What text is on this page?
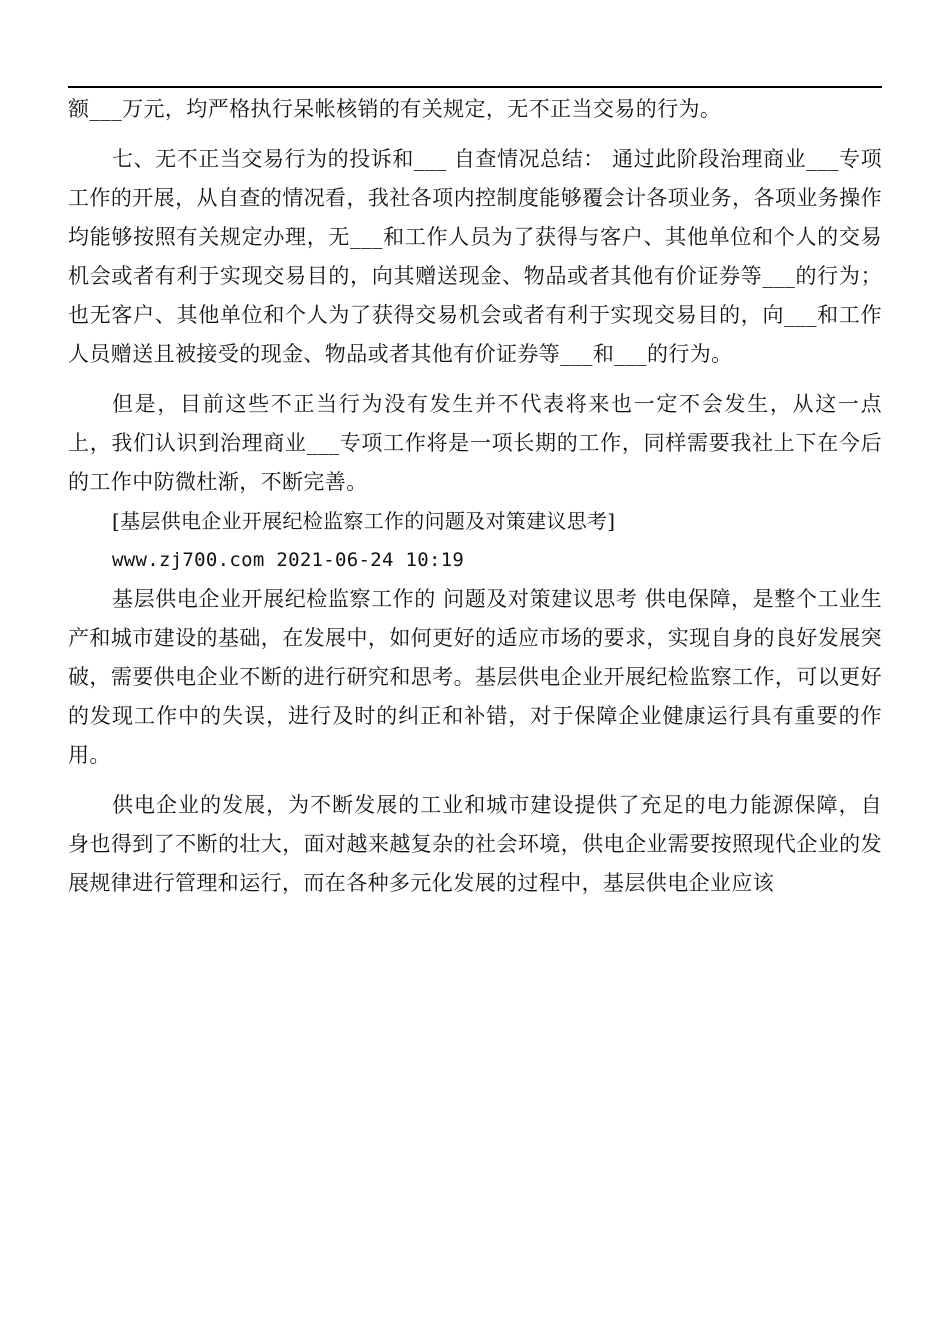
额___万元，均严格执行呆帐核销的有关规定，无不正当交易的行为。

七、无不正当交易行为的投诉和___ 自查情况总结： 通过此阶段治理商业___专项工作的开展，从自查的情况看，我社各项内控制度能够覆会计各项业务，各项业务操作均能够按照有关规定办理，无___和工作人员为了获得与客户、其他单位和个人的交易机会或者有利于实现交易目的，向其赠送现金、物品或者其他有价证券等___的行为；也无客户、其他单位和个人为了获得交易机会或者有利于实现交易目的，向___和工作人员赠送且被接受的现金、物品或者其他有价证券等___和___的行为。

但是，目前这些不正当行为没有发生并不代表将来也一定不会发生，从这一点上，我们认识到治理商业___专项工作将是一项长期的工作，同样需要我社上下在今后的工作中防微杜渐，不断完善。

[基层供电企业开展纪检监察工作的问题及对策建议思考]

www.zj700.com 2021-06-24 10:19

基层供电企业开展纪检监察工作的 问题及对策建议思考 供电保障，是整个工业生产和城市建设的基础，在发展中，如何更好的适应市场的要求，实现自身的良好发展突破，需要供电企业不断的进行研究和思考。基层供电企业开展纪检监察工作，可以更好的发现工作中的失误，进行及时的纠正和补错，对于保障企业健康运行具有重要的作用。

供电企业的发展，为不断发展的工业和城市建设提供了充足的电力能源保障，自身也得到了不断的壮大，面对越来越复杂的社会环境，供电企业需要按照现代企业的发展规律进行管理和运行，而在各种多元化发展的过程中，基层供电企业应该
